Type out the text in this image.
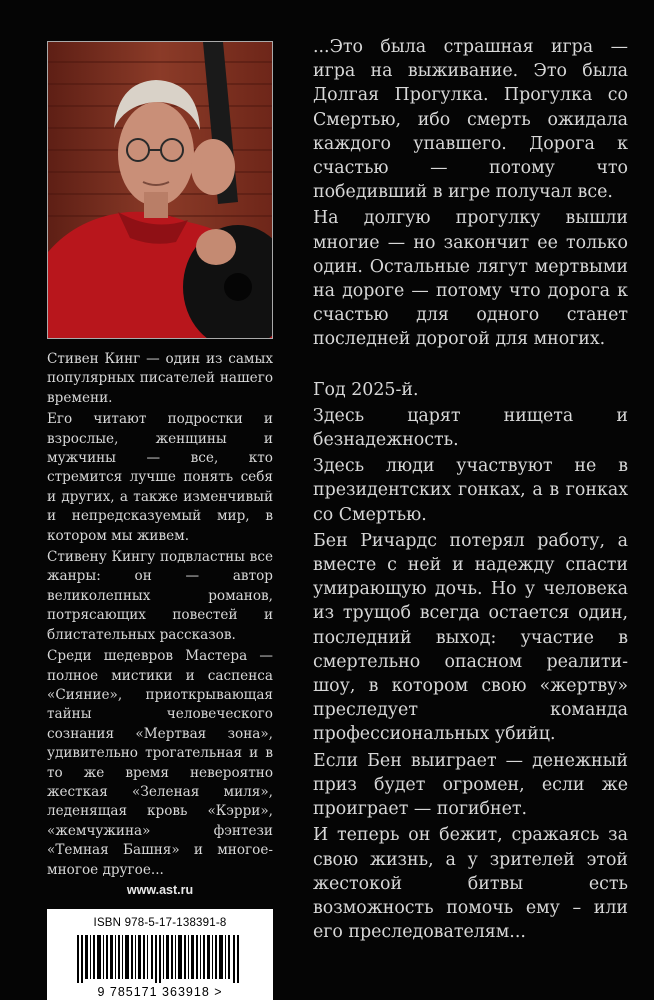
Стивен Кинг — один из самых популярных писателей нашего времени.

Его читают подростки и взрослые, женщины и мужчины — все, кто стремится лучше понять себя и других, а также изменчивый и непредсказуемый мир, в котором мы живем.

Стивену Кингу подвластны все жанры: он — автор великолепных романов, потрясающих повестей и блистательных рассказов.

Среди шедевров Мастера — полное мистики и саспенса «Сияние», приоткрывающая тайны человеческого сознания «Мертвая зона», удивительно трогательная и в то же время невероятно жесткая «Зеленая миля», леденящая кровь «Кэрри», «жемчужина» фэнтези «Темная Башня» и многое-многое другое...

...Это была страшная игра — игра на выживание. Это была Долгая Прогулка. Прогулка со Смертью, ибо смерть ожидала каждого упавшего. Дорога к счастью — потому что победивший в игре получал все.

На долгую прогулку вышли многие — но закончит ее только один. Остальные лягут мертвыми на дороге — потому что дорога к счастью для одного станет последней дорогой для многих.

Год 2025-й.

Здесь царят нищета и безнадежность.

Здесь люди участвуют не в президентских гонках, а в гонках со Смертью.

Бен Ричардс потерял работу, а вместе с ней и надежду спасти умирающую дочь. Но у человека из трущоб всегда остается один, последний выход: участие в смертельно опасном реалити-шоу, в котором свою «жертву» преследует команда профессиональных убийц.

Если Бен выиграет — денежный приз будет огромен, если же проиграет — погибнет.

И теперь он бежит, сражаясь за свою жизнь, а у зрителей этой жестокой битвы есть возможность помочь ему – или его преследователям...

www.ast.ru
ISBN 978-5-17-138391-8
9 785171 363918 >
